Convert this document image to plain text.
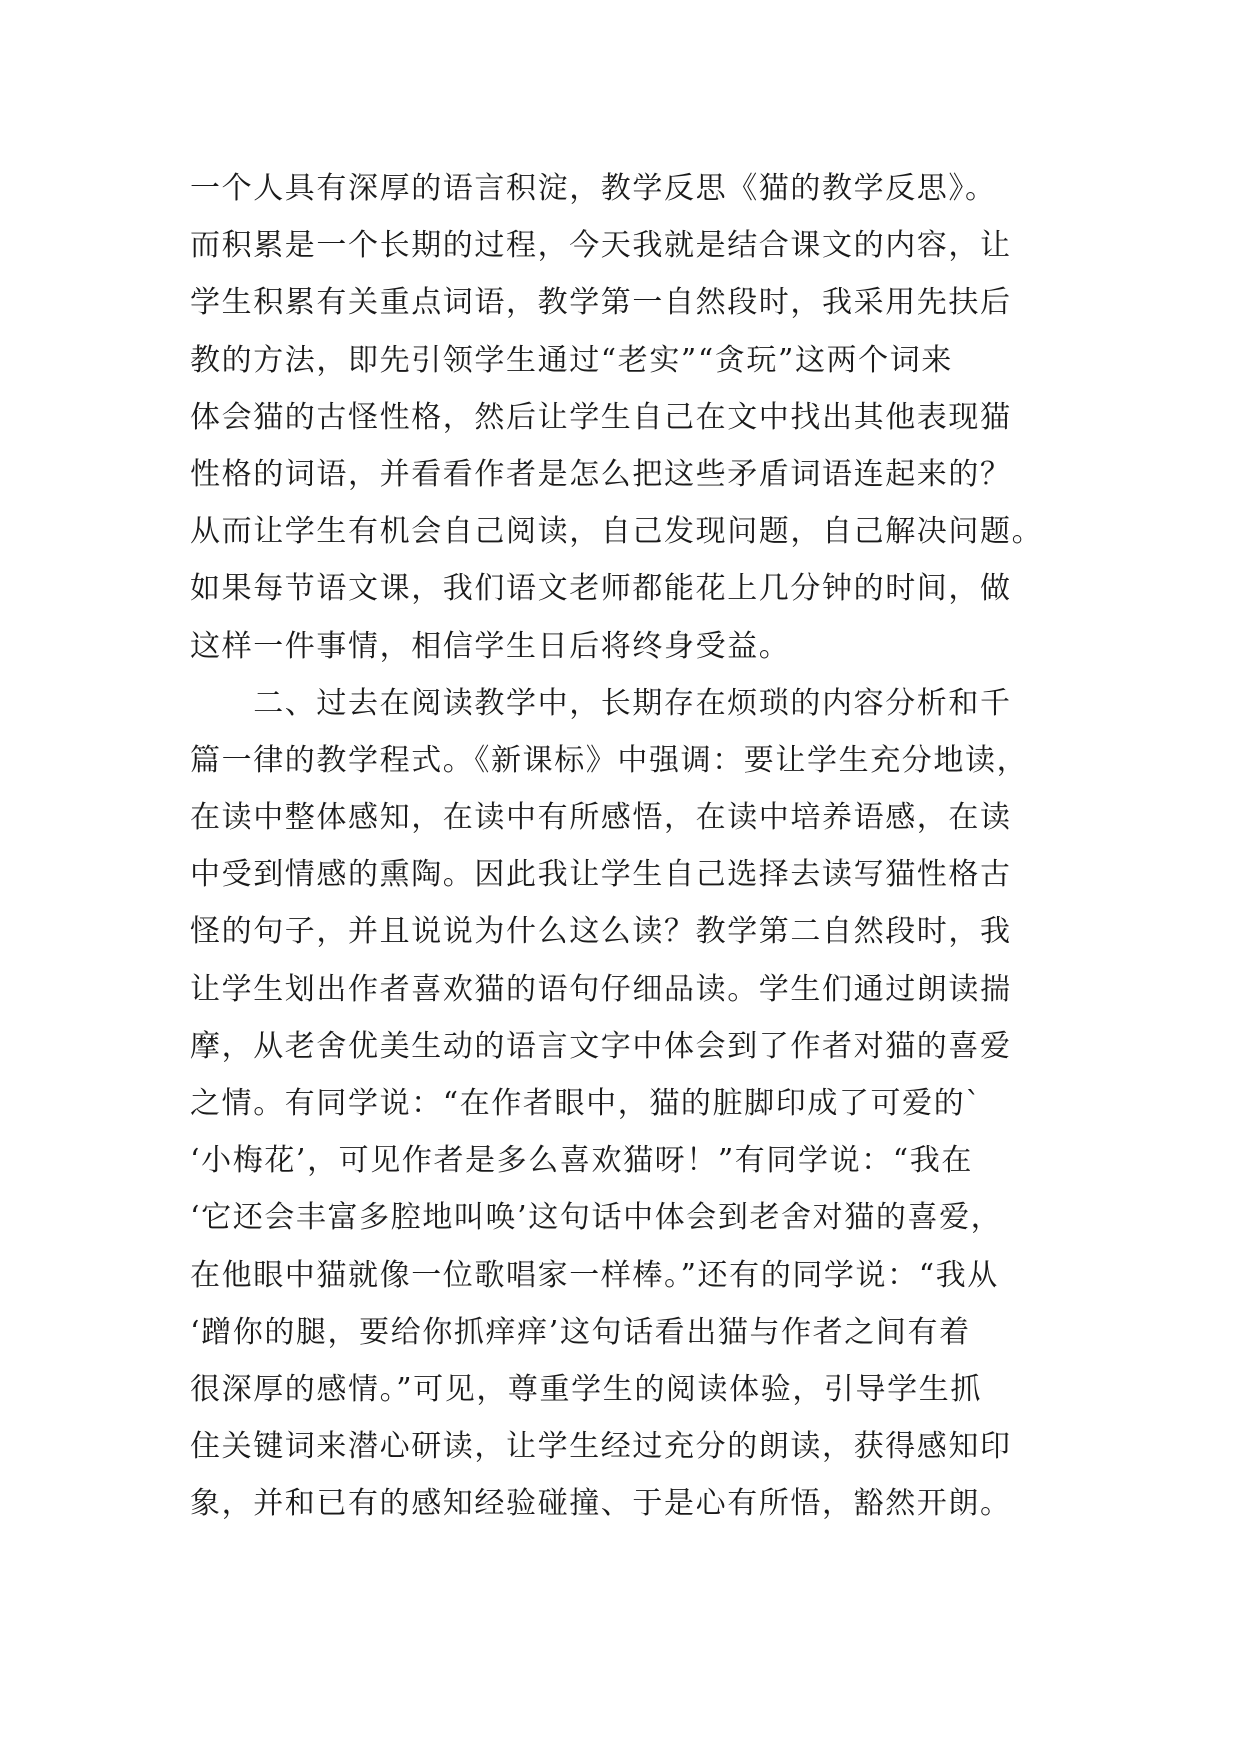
一个人具有深厚的语言积淀，教学反思《猫的教学反思》。
而积累是一个长期的过程，今天我就是结合课文的内容，让
学生积累有关重点词语，教学第一自然段时，我采用先扶后
教的方法，即先引领学生通过“老实”“贪玩”这两个词来
体会猫的古怪性格，然后让学生自己在文中找出其他表现猫
性格的词语，并看看作者是怎么把这些矛盾词语连起来的？
从而让学生有机会自己阅读，自己发现问题，自己解决问题。
如果每节语文课，我们语文老师都能花上几分钟的时间，做
这样一件事情，相信学生日后将终身受益。
　　二、过去在阅读教学中，长期存在烦琐的内容分析和千
篇一律的教学程式。《新课标》中强调：要让学生充分地读，
在读中整体感知，在读中有所感悟，在读中培养语感，在读
中受到情感的熏陶。因此我让学生自己选择去读写猫性格古
怪的句子，并且说说为什么这么读？教学第二自然段时，我
让学生划出作者喜欢猫的语句仔细品读。学生们通过朗读揣
摩，从老舍优美生动的语言文字中体会到了作者对猫的喜爱
之情。有同学说：“在作者眼中，猫的脏脚印成了可爱的`
‘小梅花’，可见作者是多么喜欢猫呀！”有同学说：“我在
‘它还会丰富多腔地叫唤’这句话中体会到老舍对猫的喜爱，
在他眼中猫就像一位歌唱家一样棒。”还有的同学说：“我从
‘蹭你的腿，要给你抓痒痒’这句话看出猫与作者之间有着
很深厚的感情。”可见，尊重学生的阅读体验，引导学生抓
住关键词来潜心研读，让学生经过充分的朗读，获得感知印
象，并和已有的感知经验碰撞、于是心有所悟，豁然开朗。
